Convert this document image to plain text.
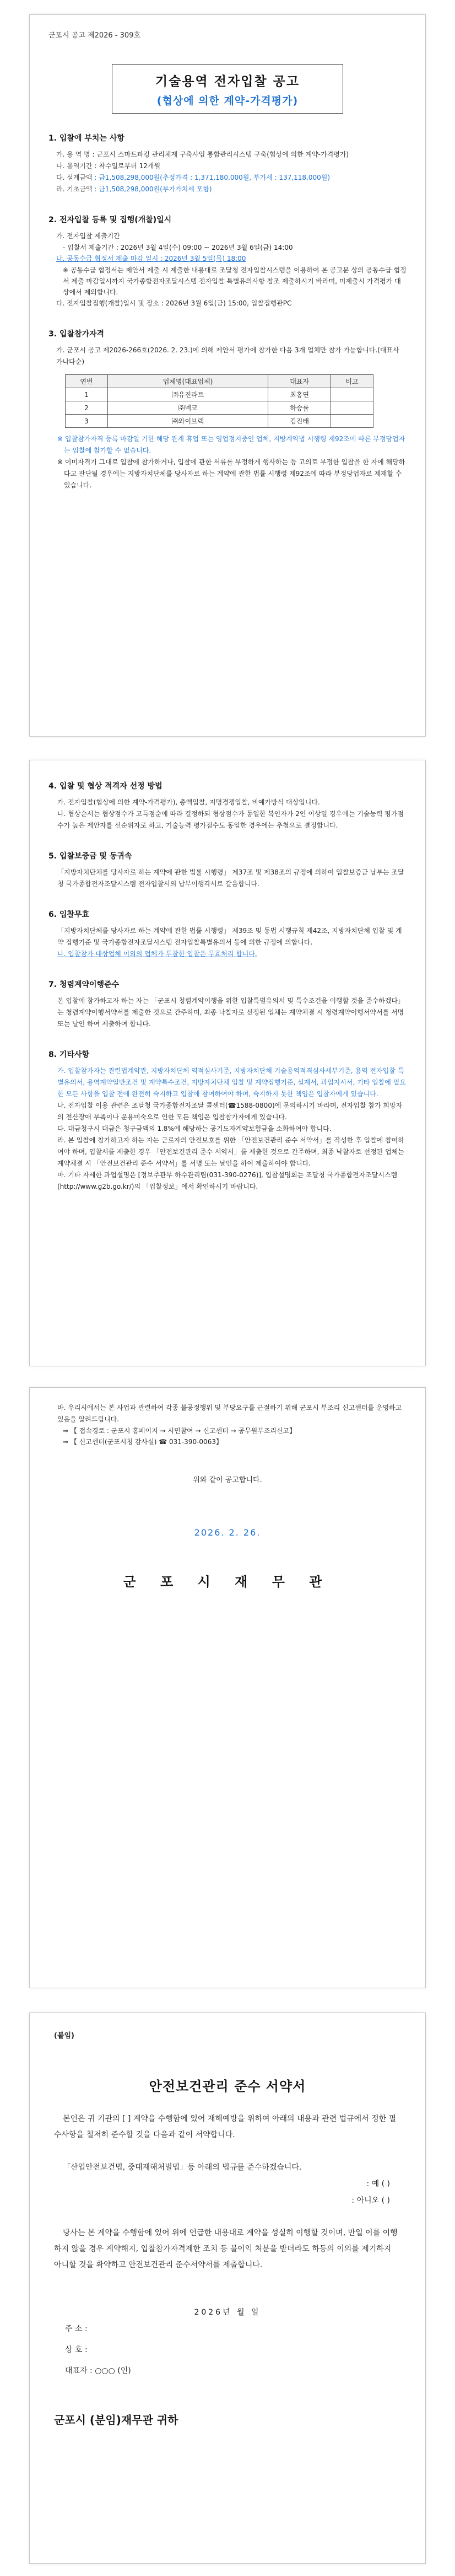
군포시 공고 제2026 - 309호
기술용역 전자입찰 공고
(협상에 의한 계약-가격평가)
1. 입찰에 부치는 사항
가. 용 역 명 : 군포시 스마트파킹 관리체계 구축사업 통합관리시스템 구축(협상에 의한 계약-가격평가)
나. 용역기간 : 착수일로부터 12개월
다. 설계금액 : 금1,508,298,000원(추정가격 : 1,371,180,000원, 부가세 : 137,118,000원)
라. 기초금액 : 금1,508,298,000원(부가가치세 포함)
2. 전자입찰 등록 및 집행(개찰)일시
가. 전자입찰 제출기간
- 입찰서 제출기간 : 2026년 3월 4일(수) 09:00 ~ 2026년 3월 6일(금) 14:00
나. 공동수급 협정서 제출 마감 일시 : 2026년 3월 5일(목) 18:00
※ 공동수급 협정서는 제안서 제출 시 제출한 내용대로 조달청 전자입찰시스템을 이용하여 본 공고문 상의 공동수급 협정서 제출 마감일시까지 국가종합전자조달시스템 전자입찰 특별유의사항 참조 제출하시기 바라며, 미제출시 가격평가 대상에서 제외합니다.
다. 전자입찰집행(개찰)일시 및 장소 : 2026년 3월 6일(금) 15:00, 입찰집행관PC
3. 입찰참가자격
가. 군포시 공고 제2026-266호(2026. 2. 23.)에 의해 제안서 평가에 참가한 다음 3개 업체만 참가 가능합니다.(대표사 가나다순)
연번	업체명(대표업체)	대표자	비고
1	㈜유진라트	최홍연	
2	㈜넥코	하승률	
3	㈜와이브랙	김진태	
※ 입찰참가자격 등록 마감일 기한 해당 관계 휴업 또는 영업정지중인 업체, 지방계약법 시행령 제92조에 따른 부정당업자는 입찰에 참가할 수 없습니다.
※ 이미자격기 그대로 입찰에 참가하거나, 입찰에 관한 서류를 부정하게 행사하는 등 고의로 부정한 입찰을 한 자에 해당하다고 판단될 경우에는 지방자치단체를 당사자로 하는 계약에 관한 법률 시행령 제92조에 따라 부정당업자로 제재할 수 있습니다.
4. 입찰 및 협상 적격자 선정 방법
가. 전자입찰(협상에 의한 계약-가격평가), 총액입찰, 지명경쟁입찰, 비예가방식 대상입니다.
나. 협상순서는 협상점수가 고득점순에 따라 결정하되 협상점수가 동일한 복인자가 2인 이상일 경우에는 기술능력 평가점수가 높은 제안자를 선순위자로 하고, 기술능력 평가점수도 동일한 경우에는 추첨으로 결정합니다.
5. 입찰보증금 및 동귀속
「지방자치단체를 당사자로 하는 계약에 관한 법률 시행령」 제37조 및 제38조의 규정에 의하여 입찰보증금 납부는 조달청 국가종합전자조달시스템 전자입찰서의 납부이행각서로 갈음합니다.
6. 입찰무효
「지방자치단체를 당사자로 하는 계약에 관한 법률 시행령」 제39조 및 동법 시행규칙 제42조, 지방자치단체 입찰 및 계약 집행기준 및 국가종합전자조달시스템 전자입찰특별유의서 등에 의한 규정에 의합니다.
나. 입찰참가 대상업체 이외의 업체가 투찰한 입찰은 무효처리 합니다.
7. 청렴계약이행준수
본 입찰에 참가하고자 하는 자는 「군포시 청렴계약이행을 위한 입찰특별유의서 및 특수조건을 이행할 것을 준수하겠다」는 청렴계약이행서약서를 제출한 것으로 간주하며, 최종 낙찰자로 선정된 업체는 계약체결 시 청렴계약이행서약서를 서명 또는 날인 하여 제출하여 합니다.
8. 기타사항
가. 입찰참가자는 관련법계약관, 지방자치단체 역적심사기준, 지방자치단체 기술용역적격심사세부기준, 용역 전자입찰 특별유의서, 용역계약일반조건 및 계약특수조건, 지방자치단체 입찰 및 계약집행기준, 설계서, 과업지시서, 기타 입찰에 필요한 모든 사항을 입찰 전에 완전히 숙지하고 입찰에 참여하여야 하며, 숙지하지 못한 책임은 입찰자에게 있습니다.
나. 전자입찰 이용 관련은 조달청 국가종합전자조달 콜센터(☎1588-0800)에 문의하시기 바라며, 전자입찰 참가 희망자의 전산장애 부족이나 운용미숙으로 인한 모든 책임은 입찰참가자에게 있습니다.
다. 대금청구시 대금은 청구금액의 1.8%에 해당하는 공기도자계약보험금을 소화하여야 합니다.
라. 본 입찰에 참가하고자 하는 자는 근로자의 안전보호를 위한 「안전보건관리 준수 서약서」를 작성한 후 입찰에 참여하여야 하며, 입찰서를 제출한 경우 「안전보건관리 준수 서약서」를 제출한 것으로 간주하며, 최종 낙찰자로 선정된 업체는 계약체결 시 「안전보건관리 준수 서약서」를 서명 또는 날인을 하여 제출하여야 합니다.
마. 기타 자세한 과업설명은 [정보주관부 하수관리팀(031-390-0276)], 입찰설명회는 조달청 국가종합전자조달시스템(http://www.g2b.go.kr/)의 「입찰정보」에서 확인하시기 바랍니다.
바. 우리시에서는 본 사업과 관련하여 각종 불공정행위 및 부당요구를 근절하기 위해 군포시 부조리 신고센터를 운영하고 있음을 알려드립니다.
⇒ 【 접속경로 : 군포시 홈페이지 → 시민참여 → 신고센터 → 공무원부조리신고】
⇒ 【 신고센터(군포시청 감사실) ☎ 031-390-0063】
위와 같이 공고합니다.
2026. 2. 26.
군 포 시 재 무 관
(붙임)
안전보건관리 준수 서약서
본인은 귀 기관의 [ ] 계약을 수행함에 있어 재해예방을 위하여 아래의 내용과 관련 법규에서 정한 필수사항을 철저히 준수할 것을 다음과 같이 서약합니다.
「산업안전보건법, 중대재해처벌법」등 아래의 법규를 준수하겠습니다.
: 예 ( )
: 아니오 ( )
당사는 본 계약을 수행함에 있어 위에 언급한 내용대로 계약을 성실히 이행할 것이며, 만일 이를 이행하지 않을 경우 계약해지, 입찰참가자격제한 조치 등 불이익 처분을 받더라도 하등의 이의를 제기하지 아니할 것을 확약하고 안전보건관리 준수서약서를 제출합니다.
2026년 월 일
주 소 :
상 호 :
대표자 : ○○○ (인)
군포시 (분임)재무관 귀하
